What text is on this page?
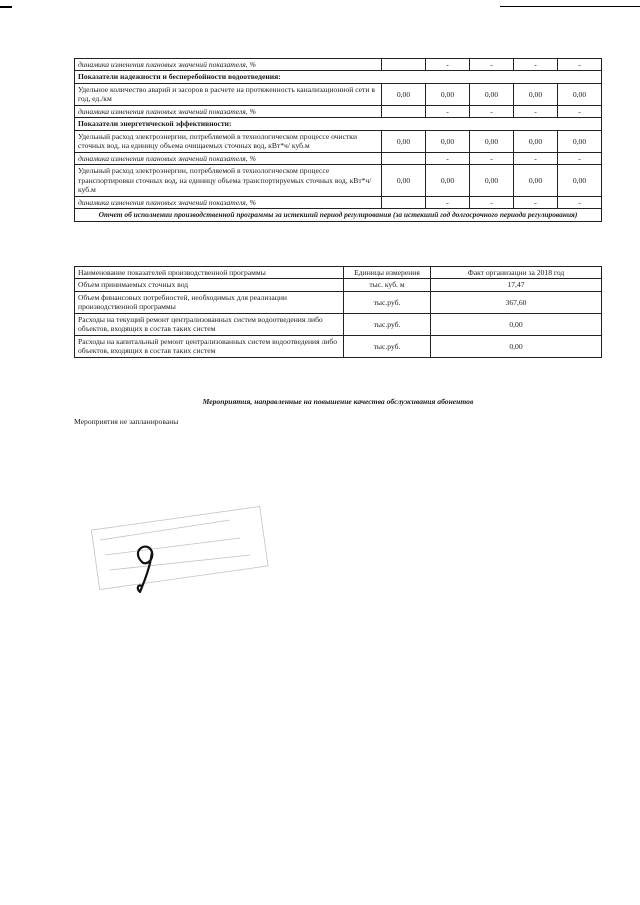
динамика изменения плановых значений показателя, %		-	-	-	-
Показатели надежности и бесперебойности водоотведения:					
Удельное количество аварий и засоров в расчете на протяженность канализационной сети в год, ед./км	0,00	0,00	0,00	0,00	0,00
динамика изменения плановых значений показателя, %		-	-	-	-
Показатели энергетической эффективности:					
Удельный расход электроэнергии, потребляемой в технологическом процессе очистки сточных вод, на единицу объема очищаемых сточных вод, кВт*ч/ куб.м	0,00	0,00	0,00	0,00	0,00
динамика изменения плановых значений показателя, %		-	-	-	-
Удельный расход электроэнергии, потребляемой в технологическом процессе транспортировки сточных вод, на единицу объема транспортируемых сточных вод, кВт*ч/ куб.м	0,00	0,00	0,00	0,00	0,00
динамика изменения плановых значений показателя, %		-	-	-	-
Отчет об исполнении производственной программы за истекший период регулирования (за истекший год долгосрочного периода регулирования)					
Наименование показателей производственной программы	Единицы измерения	Факт организации за 2018 год
Объем принимаемых сточных вод	тыс. куб. м	17,47
Объем финансовых потребностей, необходимых для реализации производственной программы	тыс.руб.	367,60
Расходы на текущий ремонт централизованных систем водоотведения либо объектов, входящих в состав таких систем	тыс.руб.	0,00
Расходы на капитальный ремонт централизованных систем водоотведения либо объектов, входящих в состав таких систем	тыс.руб.	0,00
Мероприятия, направленные на повышение качества обслуживания абонентов
Мероприятия не запланированы
